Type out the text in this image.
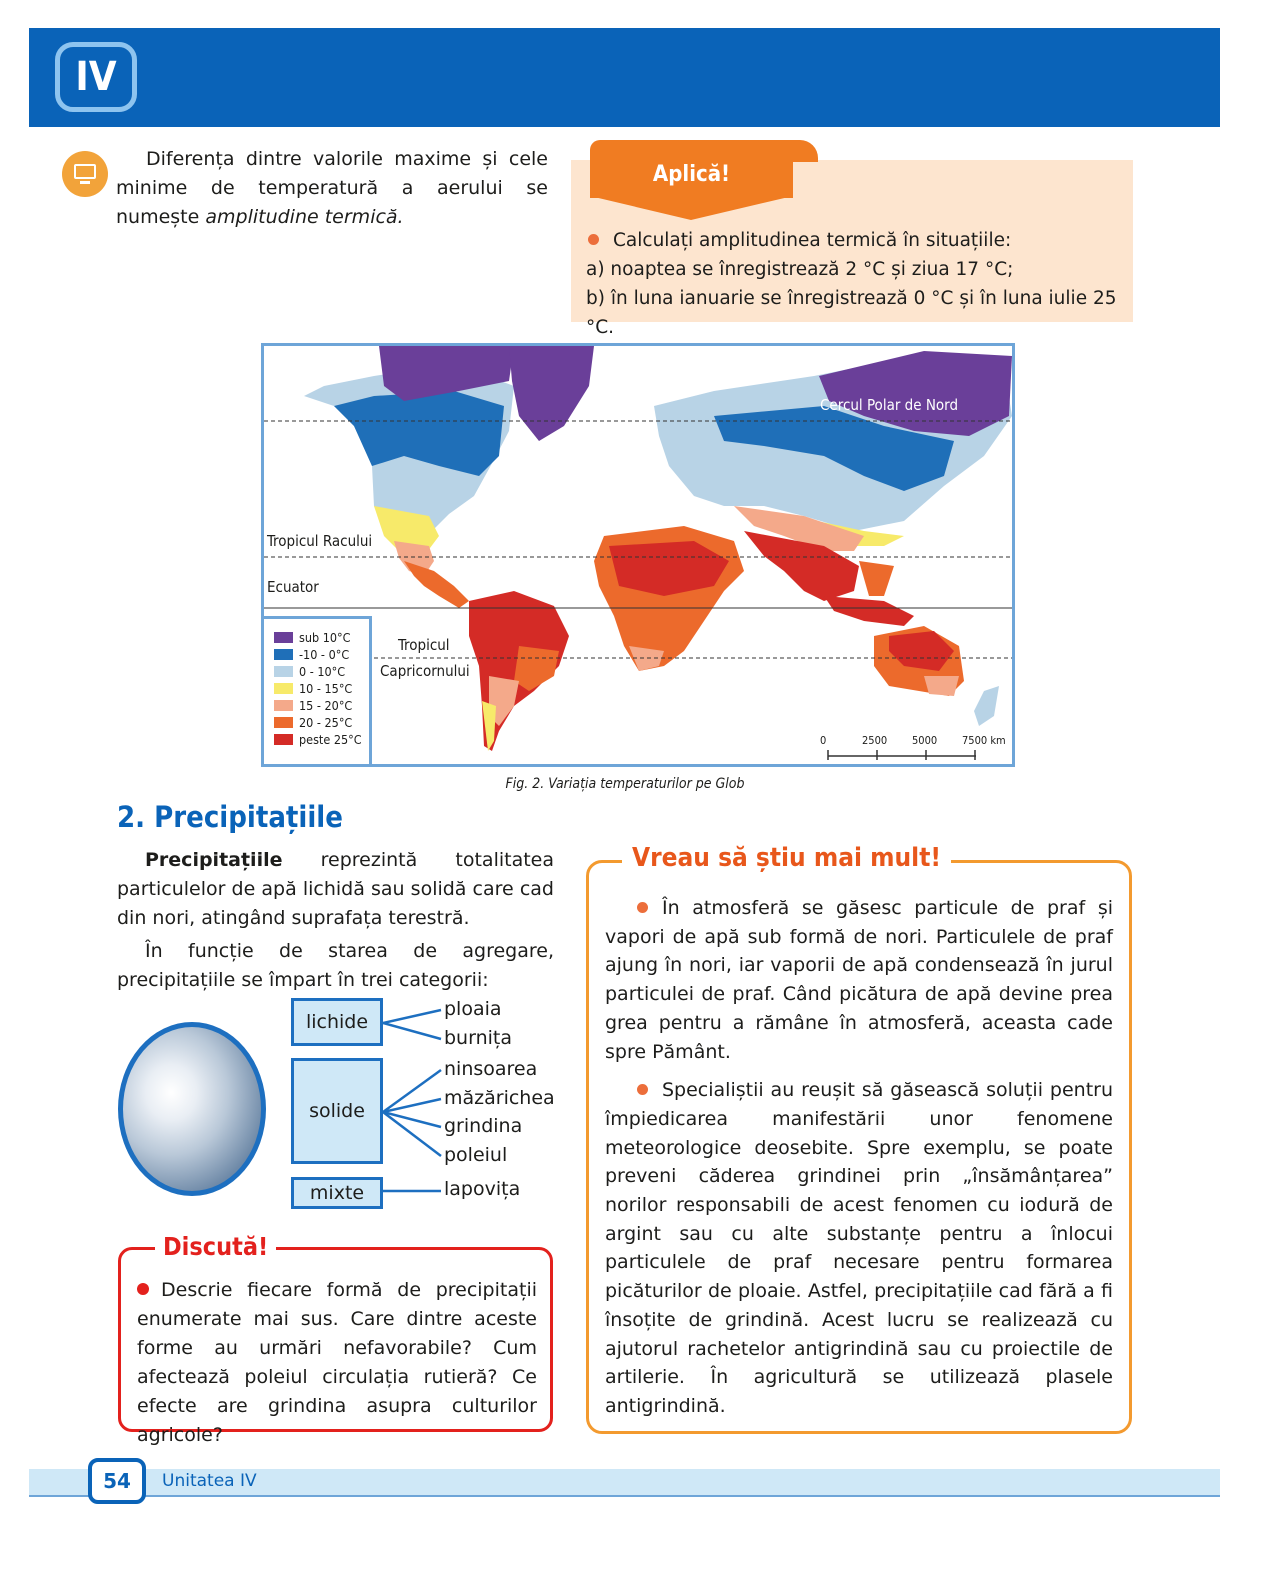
IV

Diferența dintre valorile maxime și cele minime de temperatură a aerului se numește amplitudine termică.

Aplică!
Calculați amplitudinea termică în situațiile:
a) noaptea se înregistrează 2 °C și ziua 17 °C;
b) în luna ianuarie se înregistrează 0 °C și în luna iulie 25 °C.
Cercul Polar de Nord
Tropicul Racului
Ecuator
Tropicul
Capricornului
0	2500 5000 7500 km
sub 10°C
-10 - 0°C
0 - 10°C
10 - 15°C
15 - 20°C
20 - 25°C
peste 25°C
Fig. 2. Variația temperaturilor pe Glob
2. Precipitațiile

Precipitațiile reprezintă totalitatea particulelor de apă lichidă sau solidă care cad din nori, atingând suprafața terestră.

În funcție de starea de agregare, precipitațiile se împart în trei categorii:

lichide
solide
mixte
ploaia
burnița
ninsoarea
măzărichea
grindina
poleiul
lapovița
Discută!
Descrie fiecare formă de precipitații enumerate mai sus. Care dintre aceste forme au urmări nefavorabile? Cum afectează poleiul circulația rutieră? Ce efecte are grindina asupra culturilor agricole?
Vreau să știu mai mult!

În atmosferă se găsesc particule de praf și vapori de apă sub formă de nori. Particulele de praf ajung în nori, iar vaporii de apă condensează în jurul particulei de praf. Când picătura de apă devine prea grea pentru a rămâne în atmosferă, aceasta cade spre Pământ.

Specialiștii au reușit să găsească soluții pentru împiedicarea manifestării unor fenomene meteorologice deosebite. Spre exemplu, se poate preveni căderea grindinei prin „însămânțarea” norilor responsabili de acest fenomen cu iodură de argint sau cu alte substanțe pentru a înlocui particulele de praf necesare pentru formarea picăturilor de ploaie. Astfel, precipitațiile cad fără a fi însoțite de grindină. Acest lucru se realizează cu ajutorul rachetelor antigrindină sau cu proiectile de artilerie. În agricultură se utilizează plasele antigrindină.

54	Unitatea IV
